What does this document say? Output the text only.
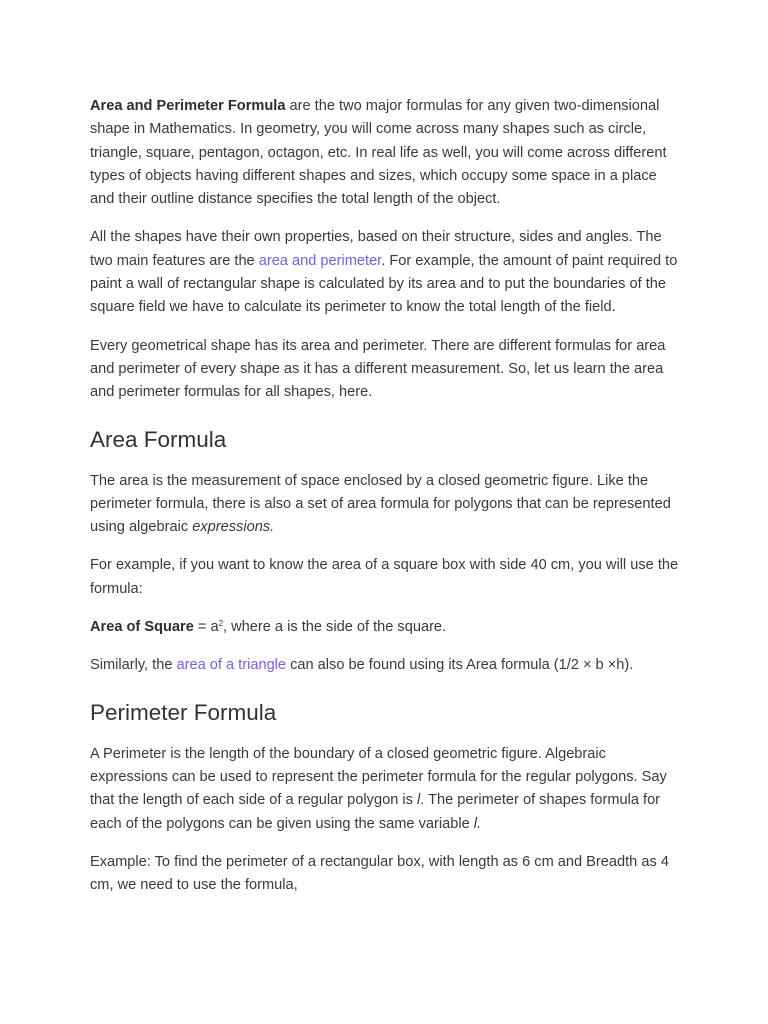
Area and Perimeter Formula are the two major formulas for any given two-dimensional shape in Mathematics. In geometry, you will come across many shapes such as circle, triangle, square, pentagon, octagon, etc. In real life as well, you will come across different types of objects having different shapes and sizes, which occupy some space in a place and their outline distance specifies the total length of the object.

All the shapes have their own properties, based on their structure, sides and angles. The two main features are the area and perimeter. For example, the amount of paint required to paint a wall of rectangular shape is calculated by its area and to put the boundaries of the square field we have to calculate its perimeter to know the total length of the field.

Every geometrical shape has its area and perimeter. There are different formulas for area and perimeter of every shape as it has a different measurement. So, let us learn the area and perimeter formulas for all shapes, here.

Area Formula

The area is the measurement of space enclosed by a closed geometric figure. Like the perimeter formula, there is also a set of area formula for polygons that can be represented using algebraic expressions.

For example, if you want to know the area of a square box with side 40 cm, you will use the formula:

Area of Square = $a^2$, where a is the side of the square.

Similarly, the area of a triangle can also be found using its Area formula (1/2 × b ×h).

Perimeter Formula

A Perimeter is the length of the boundary of a closed geometric figure. Algebraic expressions can be used to represent the perimeter formula for the regular polygons. Say that the length of each side of a regular polygon is l. The perimeter of shapes formula for each of the polygons can be given using the same variable l.

Example: To find the perimeter of a rectangular box, with length as 6 cm and Breadth as 4 cm, we need to use the formula,
